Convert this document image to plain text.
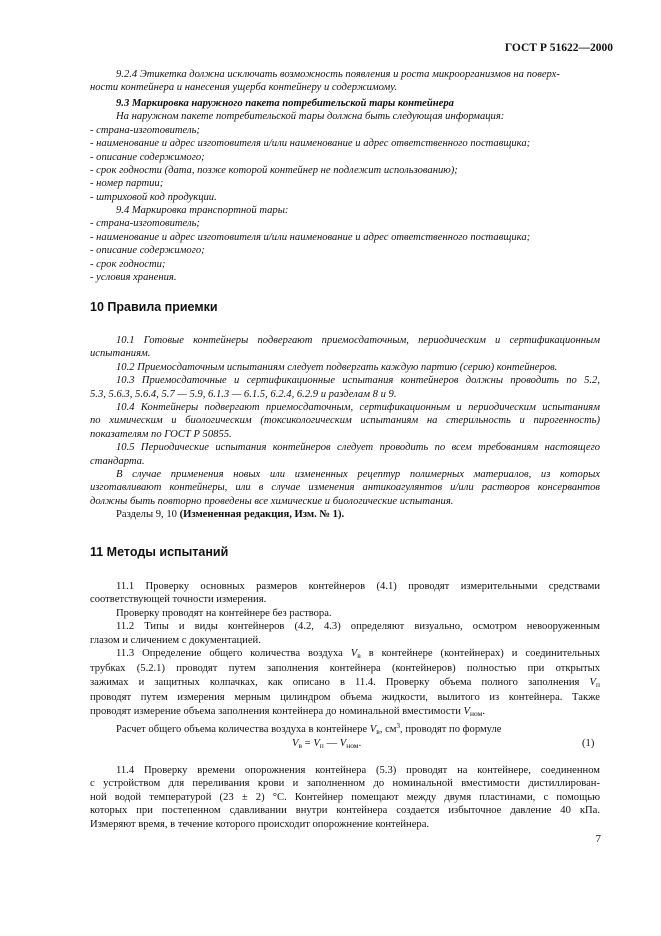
ГОСТ Р 51622—2000
9.2.4 Этикетка должна исключать возможность появления и роста микроорганизмов на поверх-
ности контейнера и нанесения ущерба контейнеру и содержимому.
9.3 Маркировка наружного пакета потребительской тары контейнера
На наружном пакете потребительской тары должна быть следующая информация:
- страна-изготовитель;
- наименование и адрес изготовителя и/или наименование и адрес ответственного поставщика;
- описание содержимого;
- срок годности (дата, позже которой контейнер не подлежит использованию);
- номер партии;
- штриховой код продукции.
9.4 Маркировка транспортной тары:
- страна-изготовитель;
- наименование и адрес изготовителя и/или наименование и адрес ответственного поставщика;
- описание содержимого;
- срок годности;
- условия хранения.
10 Правила приемки
10.1 Готовые контейнеры подвергают приемосдаточным, периодическим и сертификационным
испытаниям.
10.2 Приемосдаточным испытаниям следует подвергать каждую партию (серию) контейнеров.
10.3 Приемосдаточные и сертификационные испытания контейнеров должны проводить по 5.2,
5.3, 5.6.3, 5.6.4, 5.7 — 5.9, 6.1.3 — 6.1.5, 6.2.4, 6.2.9 и разделам 8 и 9.
10.4 Контейнеры подвергают приемосдаточным, сертификационным и периодическим испытаниям
по химическим и биологическим (токсикологическим испытаниям на стерильность и пирогенность)
показателям по ГОСТ Р 50855.
10.5 Периодические испытания контейнеров следует проводить по всем требованиям настоящего
стандарта.
В случае применения новых или измененных рецептур полимерных материалов, из которых
изготавливают контейнеры, или в случае изменения антикоагулянтов и/или растворов консервантов
должны быть повторно проведены все химические и биологические испытания.
Разделы 9, 10 (Измененная редакция, Изм. № 1).
11 Методы испытаний
11.1 Проверку основных размеров контейнеров (4.1) проводят измерительными средствами
соответствующей точности измерения.
Проверку проводят на контейнере без раствора.
11.2 Типы и виды контейнеров (4.2, 4.3) определяют визуально, осмотром невооруженным
глазом и сличением с документацией.
11.3 Определение общего количества воздуха $V_в$ в контейнере (контейнерах) и соединительных
трубках (5.2.1) проводят путем заполнения контейнера (контейнеров) полностью при открытых
зажимах и защитных колпачках, как описано в 11.4. Проверку объема полного заполнения $V_п$
проводят путем измерения мерным цилиндром объема жидкости, вылитого из контейнера. Также
проводят измерение объема заполнения контейнера до номинальной вместимости $V_{ном}$.
Расчет общего объема количества воздуха в контейнере $V_в$, $см^3$, проводят по формуле
$V_в = V_п$ — $V_{ном}$.	(1)
11.4 Проверку времени опорожнения контейнера (5.3) проводят на контейнере, соединенном
с устройством для переливания крови и заполненном до номинальной вместимости дистиллирован-
ной водой температурой (23 ± 2) °С. Контейнер помещают между двумя пластинами, с помощью
которых при постепенном сдавливании внутри контейнера создается избыточное давление 40 кПа.
Измеряют время, в течение которого происходит опорожнение контейнера.
7
